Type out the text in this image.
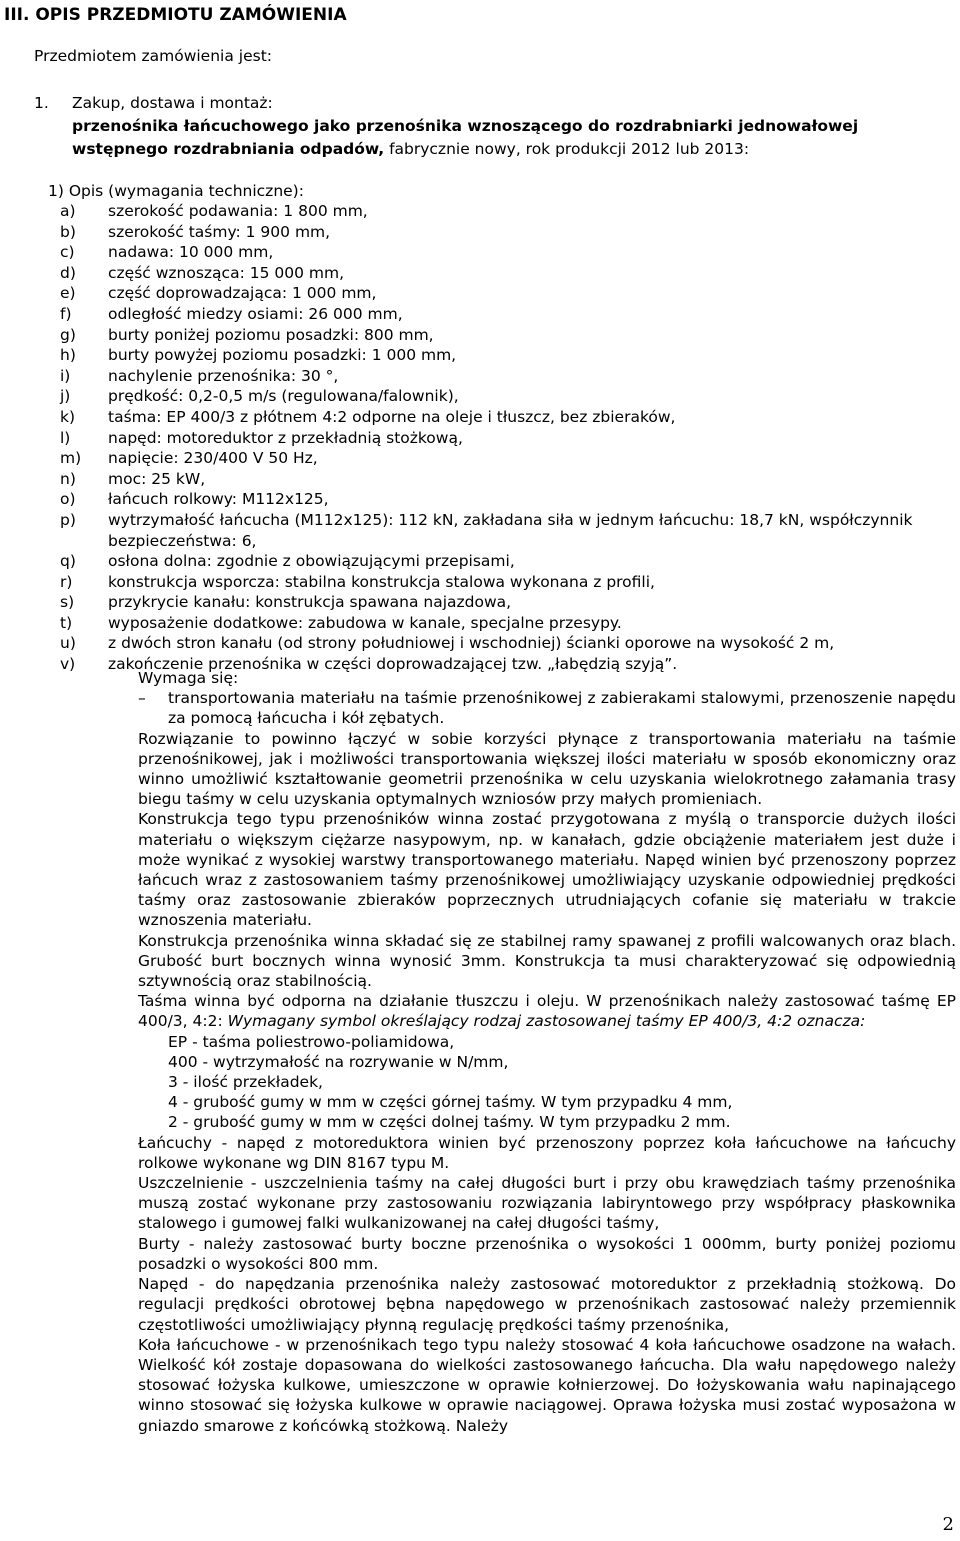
III. OPIS PRZEDMIOTU ZAMÓWIENIA

Przedmiotem zamówienia jest:

1. Zakup, dostawa i montaż:
przenośnika łańcuchowego jako przenośnika wznoszącego do rozdrabniarki jednowałowej wstępnego rozdrabniania odpadów, fabrycznie nowy, rok produkcji 2012 lub 2013:

1) Opis (wymagania techniczne):

a) szerokość podawania: 1 800 mm,
b) szerokość taśmy: 1 900 mm,
c) nadawa: 10 000 mm,
d) część wznosząca: 15 000 mm,
e) część doprowadzająca: 1 000 mm,
f) odległość miedzy osiami: 26 000 mm,
g) burty poniżej poziomu posadzki: 800 mm,
h) burty powyżej poziomu posadzki: 1 000 mm,
i) nachylenie przenośnika: 30 °,
j) prędkość: 0,2-0,5 m/s (regulowana/falownik),
k) taśma: EP 400/3 z płótnem 4:2 odporne na oleje i tłuszcz, bez zbieraków,
l) napęd: motoreduktor z przekładnią stożkową,
m) napięcie: 230/400 V 50 Hz,
n) moc: 25 kW,
o) łańcuch rolkowy: M112x125,
p) wytrzymałość łańcucha (M112x125): 112 kN, zakładana siła w jednym łańcuchu: 18,7 kN, współczynnik bezpieczeństwa: 6,
q) osłona dolna: zgodnie z obowiązującymi przepisami,
r) konstrukcja wsporcza: stabilna konstrukcja stalowa wykonana z profili,
s) przykrycie kanału: konstrukcja spawana najazdowa,
t) wyposażenie dodatkowe: zabudowa w kanale, specjalne przesypy.
u) z dwóch stron kanału (od strony południowej i wschodniej) ścianki oporowe na wysokość 2 m,
v) zakończenie przenośnika w części doprowadzającej tzw. „łabędzią szyją”.

Wymaga się:

– transportowania materiału na taśmie przenośnikowej z zabierakami stalowymi, przenoszenie napędu za pomocą łańcucha i kół zębatych.

Rozwiązanie to powinno łączyć w sobie korzyści płynące z transportowania materiału na taśmie przenośnikowej, jak i możliwości transportowania większej ilości materiału w sposób ekonomiczny oraz winno umożliwić kształtowanie geometrii przenośnika w celu uzyskania wielokrotnego załamania trasy biegu taśmy w celu uzyskania optymalnych wzniosów przy małych promieniach.

Konstrukcja tego typu przenośników winna zostać przygotowana z myślą o transporcie dużych ilości materiału o większym ciężarze nasypowym, np. w kanałach, gdzie obciążenie materiałem jest duże i może wynikać z wysokiej warstwy transportowanego materiału. Napęd winien być przenoszony poprzez łańcuch wraz z zastosowaniem taśmy przenośnikowej umożliwiający uzyskanie odpowiedniej prędkości taśmy oraz zastosowanie zbieraków poprzecznych utrudniających cofanie się materiału w trakcie wznoszenia materiału.

Konstrukcja przenośnika winna składać się ze stabilnej ramy spawanej z profili walcowanych oraz blach. Grubość burt bocznych winna wynosić 3mm. Konstrukcja ta musi charakteryzować się odpowiednią sztywnością oraz stabilnością.

Taśma winna być odporna na działanie tłuszczu i oleju. W przenośnikach należy zastosować taśmę EP 400/3, 4:2: Wymagany symbol określający rodzaj zastosowanej taśmy EP 400/3, 4:2 oznacza:

EP - taśma poliestrowo-poliamidowa,

400 - wytrzymałość na rozrywanie w N/mm,

3 - ilość przekładek,

4 - grubość gumy w mm w części górnej taśmy. W tym przypadku 4 mm,

2 - grubość gumy w mm w części dolnej taśmy. W tym przypadku 2 mm.

Łańcuchy - napęd z motoreduktora winien być przenoszony poprzez koła łańcuchowe na łańcuchy rolkowe wykonane wg DIN 8167 typu M.

Uszczelnienie - uszczelnienia taśmy na całej długości burt i przy obu krawędziach taśmy przenośnika muszą zostać wykonane przy zastosowaniu rozwiązania labiryntowego przy współpracy płaskownika stalowego i gumowej falki wulkanizowanej na całej długości taśmy,

Burty - należy zastosować burty boczne przenośnika o wysokości 1 000mm, burty poniżej poziomu posadzki o wysokości 800 mm.

Napęd - do napędzania przenośnika należy zastosować motoreduktor z przekładnią stożkową. Do regulacji prędkości obrotowej bębna napędowego w przenośnikach zastosować należy przemiennik częstotliwości umożliwiający płynną regulację prędkości taśmy przenośnika,

Koła łańcuchowe - w przenośnikach tego typu należy stosować 4 koła łańcuchowe osadzone na wałach. Wielkość kół zostaje dopasowana do wielkości zastosowanego łańcucha. Dla wału napędowego należy stosować łożyska kulkowe, umieszczone w oprawie kołnierzowej. Do łożyskowania wału napinającego winno stosować się łożyska kulkowe w oprawie naciągowej. Oprawa łożyska musi zostać wyposażona w gniazdo smarowe z końcówką stożkową. Należy

2
